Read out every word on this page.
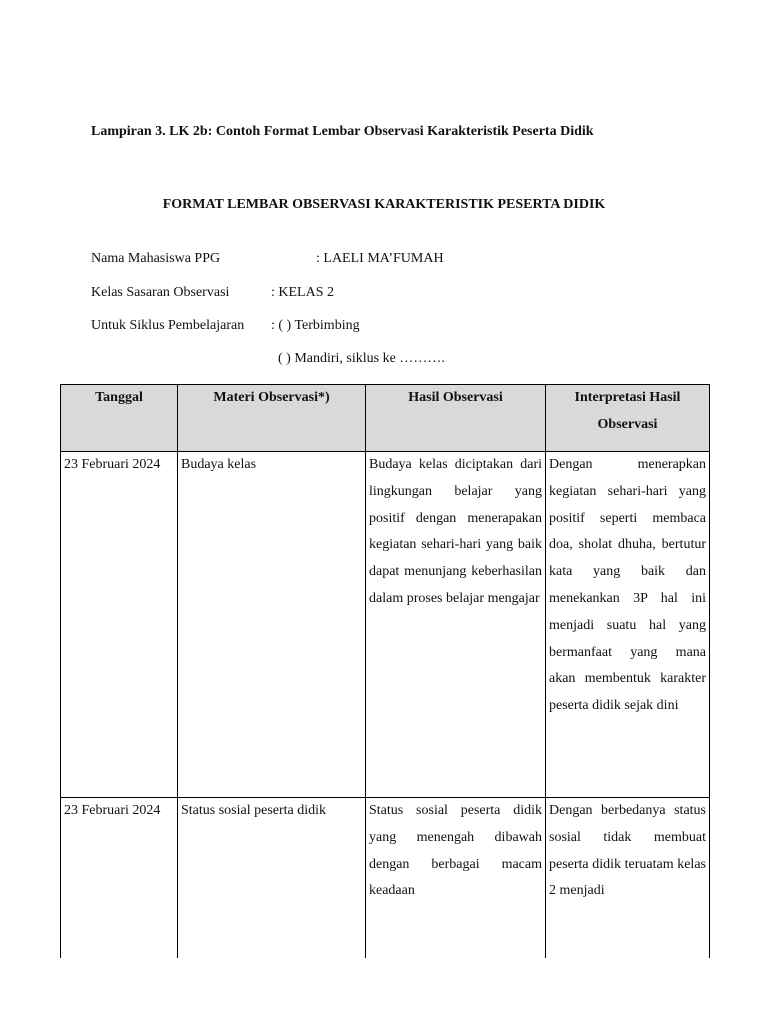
Lampiran 3. LK 2b: Contoh Format Lembar Observasi Karakteristik Peserta Didik
FORMAT LEMBAR OBSERVASI KARAKTERISTIK PESERTA DIDIK
Nama Mahasiswa PPG	: LAELI MA’FUMAH
Kelas Sasaran Observasi	: KELAS 2
Untuk Siklus Pembelajaran : ( ) Terbimbing
( ) Mandiri, siklus ke ……….
Tanggal	Materi Observasi*)	Hasil Observasi	Interpretasi Hasil Observasi
23 Februari 2024	Budaya kelas	Budaya kelas diciptakan dari lingkungan belajar yang positif dengan menerapakan kegiatan sehari-hari yang baik dapat menunjang keberhasilan dalam proses belajar mengajar	Dengan menerapkan kegiatan sehari-hari yang positif seperti membaca doa, sholat dhuha, bertutur kata yang baik dan menekankan 3P hal ini menjadi suatu hal yang bermanfaat yang mana akan membentuk karakter peserta didik sejak dini
23 Februari 2024	Status sosial peserta didik	Status sosial peserta didik yang menengah dibawah dengan berbagai macam keadaan	Dengan berbedanya status sosial tidak membuat peserta didik teruatam kelas 2 menjadi
